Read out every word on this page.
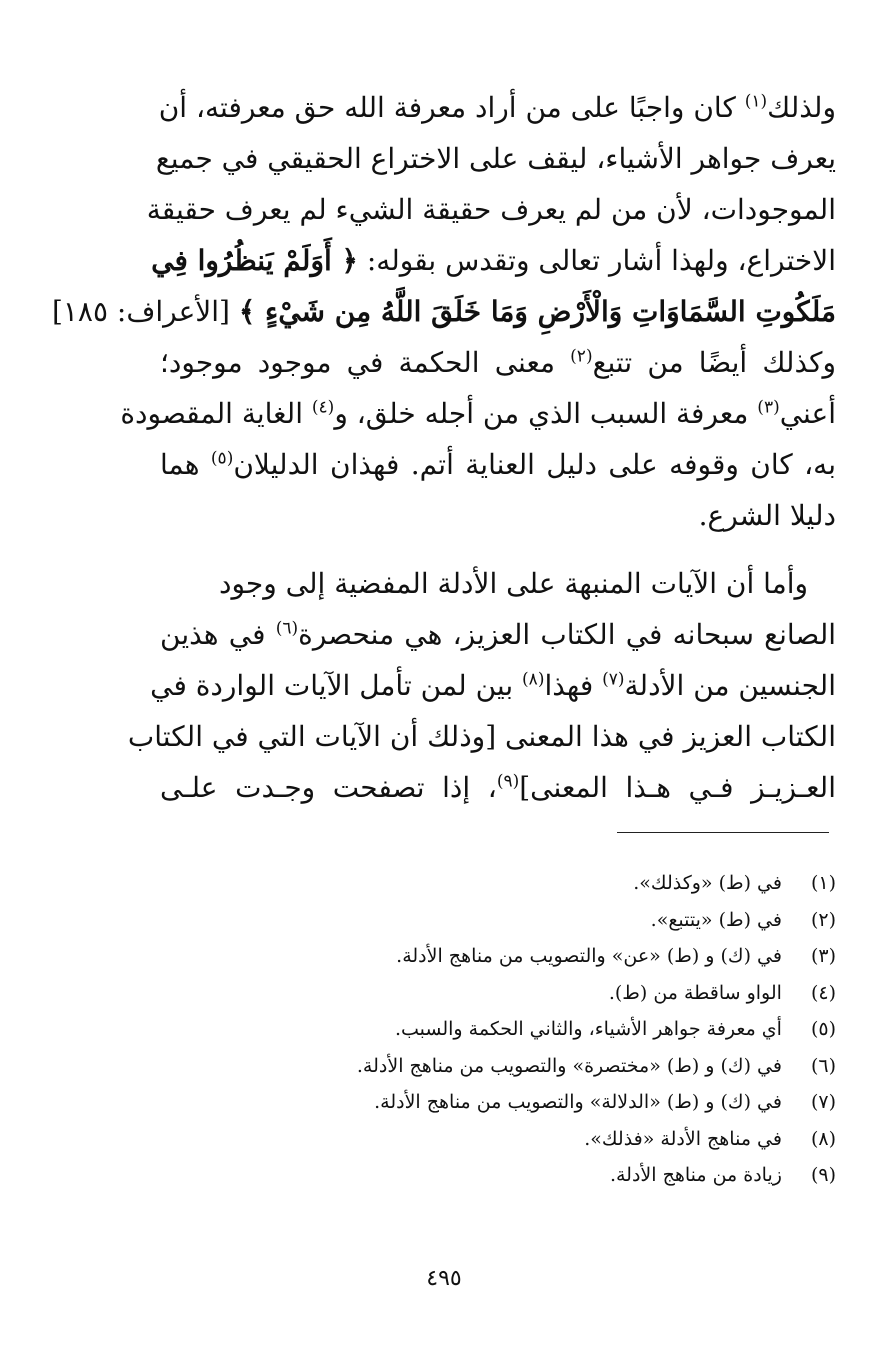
ولذلك$^{(١)}$ كان واجبًا على من أراد معرفة الله حق معرفته، أن
يعرف جواهر الأشياء، ليقف على الاختراع الحقيقي في جميع
الموجودات، لأن من لم يعرف حقيقة الشيء لم يعرف حقيقة
الاختراع، ولهذا أشار تعالى وتقدس بقوله: ﴿ أَوَلَمْ يَنظُرُوا فِي
مَلَكُوتِ السَّمَاوَاتِ وَالْأَرْضِ وَمَا خَلَقَ اللَّهُ مِن شَيْءٍ ﴾ [الأعراف: ١٨٥]
وكذلك أيضًا من تتبع$^{(٢)}$ معنى الحكمة في موجود موجود؛
أعني$^{(٣)}$ معرفة السبب الذي من أجله خلق، و$^{(٤)}$ الغاية المقصودة
به، كان وقوفه على دليل العناية أتم. فهذان الدليلان$^{(٥)}$ هما
دليلا الشرع.
وأما أن الآيات المنبهة على الأدلة المفضية إلى وجود
الصانع سبحانه في الكتاب العزيز، هي منحصرة$^{(٦)}$ في هذين
الجنسين من الأدلة$^{(٧)}$ فهذا$^{(٨)}$ بين لمن تأمل الآيات الواردة في
الكتاب العزيز في هذا المعنى [وذلك أن الآيات التي في الكتاب
العـزيـز فـي هـذا المعنى]$^{(٩)}$، إذا تصفحت وجـدت علـى
(١) في (ط) «وكذلك».
(٢) في (ط) «يتتبع».
(٣) في (ك) و (ط) «عن» والتصويب من مناهج الأدلة.
(٤) الواو ساقطة من (ط).
(٥) أي معرفة جواهر الأشياء، والثاني الحكمة والسبب.
(٦) في (ك) و (ط) «مختصرة» والتصويب من مناهج الأدلة.
(٧) في (ك) و (ط) «الدلالة» والتصويب من مناهج الأدلة.
(٨) في مناهج الأدلة «فذلك».
(٩) زيادة من مناهج الأدلة.
٤٩٥
